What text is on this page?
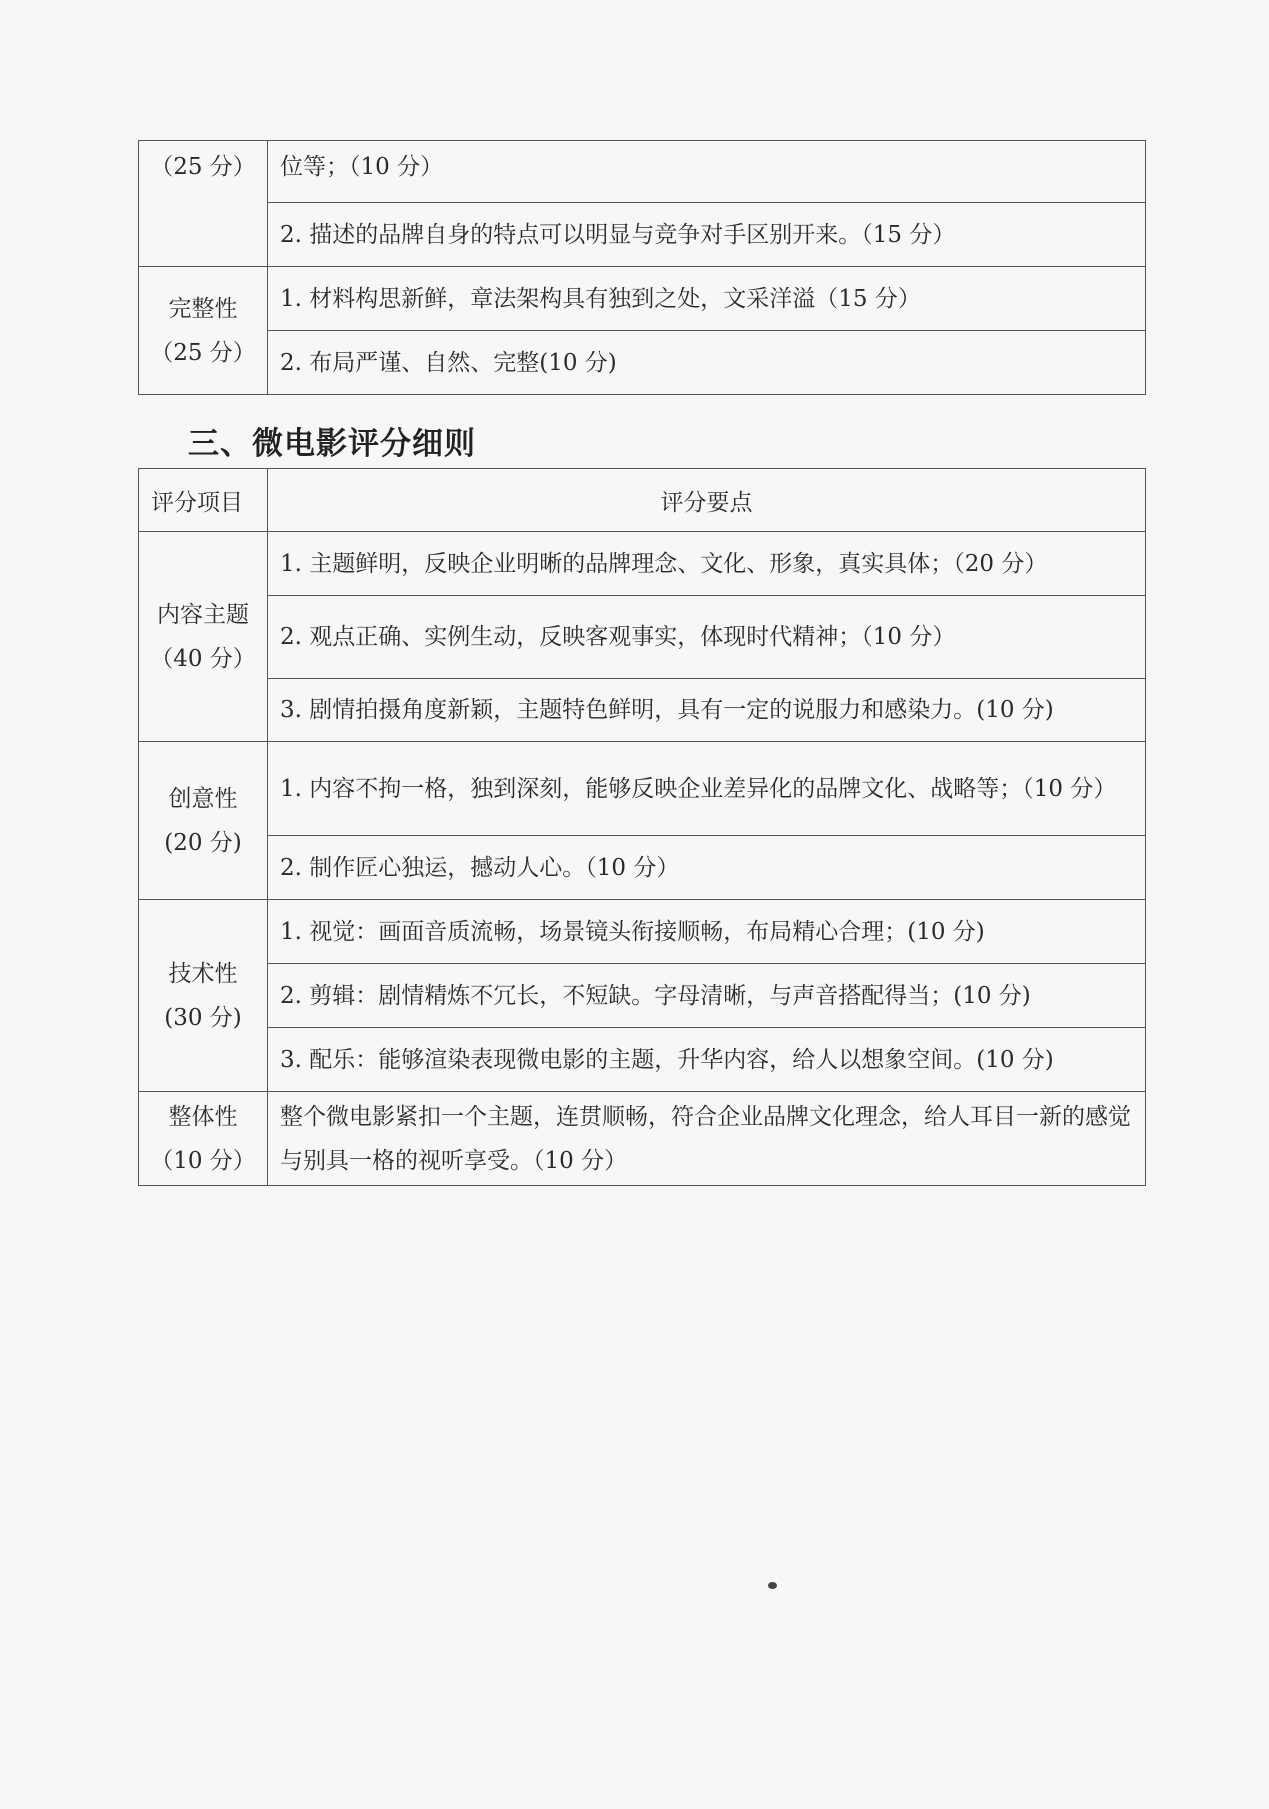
（25 分）	位等；（10 分）
	2. 描述的品牌自身的特点可以明显与竞争对手区别开来。（15 分）

完整性
（25 分）	1. 材料构思新鲜，章法架构具有独到之处，文采洋溢（15 分）
	2. 布局严谨、自然、完整(10 分)
三、微电影评分细则
评分项目	评分要点

内容主题
（40 分）	1. 主题鲜明，反映企业明晰的品牌理念、文化、形象，真实具体；（20 分）
	2. 观点正确、实例生动，反映客观事实，体现时代精神；（10 分）
	3. 剧情拍摄角度新颖，主题特色鲜明，具有一定的说服力和感染力。(10 分)

创意性
(20 分)	1. 内容不拘一格，独到深刻，能够反映企业差异化的品牌文化、战略等；（10 分）
	2. 制作匠心独运，撼动人心。（10 分）

技术性
(30 分)	1. 视觉：画面音质流畅，场景镜头衔接顺畅，布局精心合理；(10 分)
	2. 剪辑：剧情精炼不冗长，不短缺。字母清晰，与声音搭配得当；(10 分)
	3. 配乐：能够渲染表现微电影的主题，升华内容，给人以想象空间。(10 分)

整体性
（10 分）	整个微电影紧扣一个主题，连贯顺畅，符合企业品牌文化理念，给人耳目一新的感觉与别具一格的视听享受。（10 分）
